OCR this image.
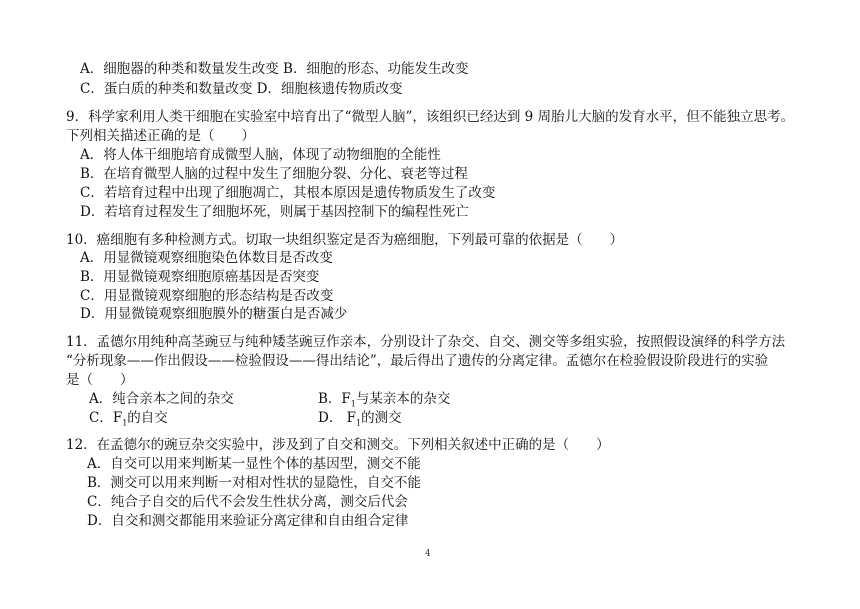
A．细胞器的种类和数量发生改变 B．细胞的形态、功能发生改变
C．蛋白质的种类和数量改变 D．细胞核遗传物质改变
9．科学家利用人类干细胞在实验室中培育出了“微型人脑”，该组织已经达到 9 周胎儿大脑的发育水平，但不能独立思考。
下列相关描述正确的是（　　）
A．将人体干细胞培育成微型人脑，体现了动物细胞的全能性
B．在培育微型人脑的过程中发生了细胞分裂、分化、衰老等过程
C．若培育过程中出现了细胞凋亡，其根本原因是遗传物质发生了改变
D．若培育过程发生了细胞坏死，则属于基因控制下的编程性死亡
10．癌细胞有多种检测方式。切取一块组织鉴定是否为癌细胞，下列最可靠的依据是（　　）
A．用显微镜观察细胞染色体数目是否改变
B．用显微镜观察细胞原癌基因是否突变
C．用显微镜观察细胞的形态结构是否改变
D．用显微镜观察细胞膜外的糖蛋白是否减少
11．孟德尔用纯种高茎豌豆与纯种矮茎豌豆作亲本，分别设计了杂交、自交、测交等多组实验，按照假设演绎的科学方法
“分析现象——作出假设——检验假设——得出结论”，最后得出了遗传的分离定律。孟德尔在检验假设阶段进行的实验
是（　　）
A．纯合亲本之间的杂交	B．$F_1$与某亲本的杂交
C．$F_1$的自交	D． $F_1$的测交
12．在孟德尔的豌豆杂交实验中，涉及到了自交和测交。下列相关叙述中正确的是（　　）
A．自交可以用来判断某一显性个体的基因型，测交不能
B．测交可以用来判断一对相对性状的显隐性，自交不能
C．纯合子自交的后代不会发生性状分离，测交后代会
D．自交和测交都能用来验证分离定律和自由组合定律
4
